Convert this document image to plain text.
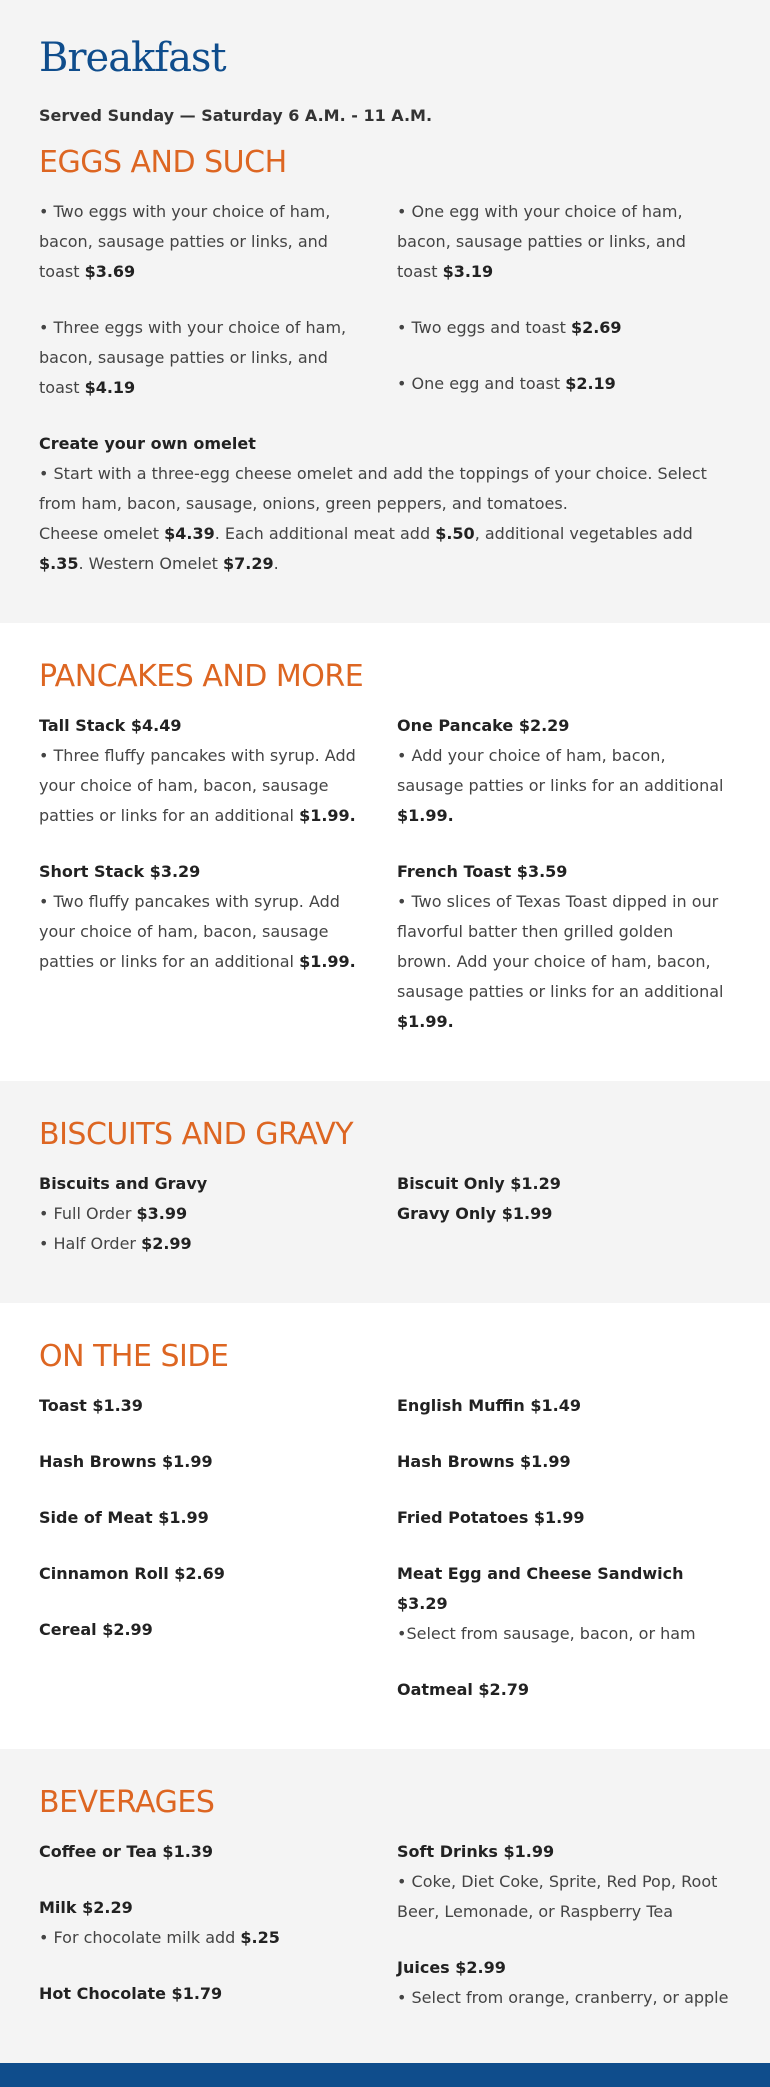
Breakfast

Served Sunday — Saturday 6 A.M. - 11 A.M.

EGGS AND SUCH
• Two eggs with your choice of ham, bacon, sausage patties or links, and toast $3.69
• Three eggs with your choice of ham, bacon, sausage patties or links, and toast $4.19
• One egg with your choice of ham, bacon, sausage patties or links, and toast $3.19
• Two eggs and toast $2.69
• One egg and toast $2.19
Create your own omelet
• Start with a three-egg cheese omelet and add the toppings of your choice. Select from ham, bacon, sausage, onions, green peppers, and tomatoes.
Cheese omelet $4.39. Each additional meat add $.50, additional vegetables add $.35. Western Omelet $7.29.
PANCAKES AND MORE
Tall Stack $4.49
• Three fluffy pancakes with syrup. Add your choice of ham, bacon, sausage patties or links for an additional $1.99.
Short Stack $3.29
• Two fluffy pancakes with syrup. Add your choice of ham, bacon, sausage patties or links for an additional $1.99.
One Pancake $2.29
• Add your choice of ham, bacon, sausage patties or links for an additional $1.99.
French Toast $3.59
• Two slices of Texas Toast dipped in our flavorful batter then grilled golden brown. Add your choice of ham, bacon, sausage patties or links for an additional $1.99.
BISCUITS AND GRAVY
Biscuits and Gravy
• Full Order $3.99
• Half Order $2.99
Biscuit Only $1.29
Gravy Only $1.99
ON THE SIDE
Toast $1.39
Hash Browns $1.99
Side of Meat $1.99
Cinnamon Roll $2.69
Cereal $2.99
English Muffin $1.49
Hash Browns $1.99
Fried Potatoes $1.99
Meat Egg and Cheese Sandwich $3.29
•Select from sausage, bacon, or ham
Oatmeal $2.79
BEVERAGES
Coffee or Tea $1.39
Milk $2.29
• For chocolate milk add $.25
Hot Chocolate $1.79
Soft Drinks $1.99
• Coke, Diet Coke, Sprite, Red Pop, Root Beer, Lemonade, or Raspberry Tea
Juices $2.99
• Select from orange, cranberry, or apple
